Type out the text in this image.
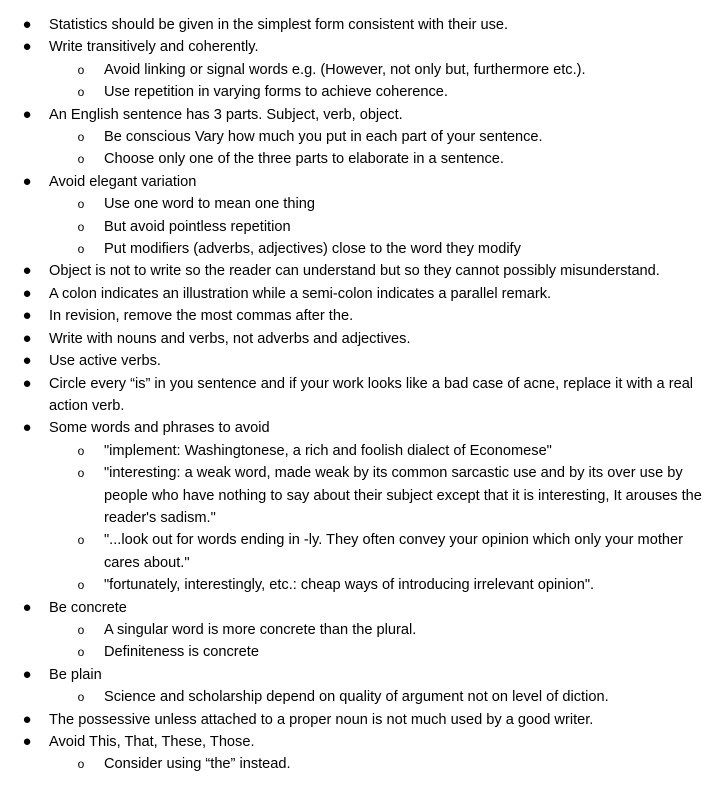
● Statistics should be given in the simplest form consistent with their use.
● Write transitively and coherently.
o Avoid linking or signal words e.g. (However, not only but, furthermore etc.).
o Use repetition in varying forms to achieve coherence.
● An English sentence has 3 parts. Subject, verb, object.
o Be conscious Vary how much you put in each part of your sentence.
o Choose only one of the three parts to elaborate in a sentence.
● Avoid elegant variation
o Use one word to mean one thing
o But avoid pointless repetition
o Put modifiers (adverbs, adjectives) close to the word they modify
● Object is not to write so the reader can understand but so they cannot possibly misunderstand.
● A colon indicates an illustration while a semi-colon indicates a parallel remark.
● In revision, remove the most commas after the.
● Write with nouns and verbs, not adverbs and adjectives.
● Use active verbs.
● Circle every “is” in you sentence and if your work looks like a bad case of acne, replace it with a real action verb.
● Some words and phrases to avoid
o "implement: Washingtonese, a rich and foolish dialect of Economese"
o "interesting: a weak word, made weak by its common sarcastic use and by its over use by people who have nothing to say about their subject except that it is interesting, It arouses the reader's sadism."
o "...look out for words ending in -ly. They often convey your opinion which only your mother cares about."
o "fortunately, interestingly, etc.: cheap ways of introducing irrelevant opinion".
● Be concrete
o A singular word is more concrete than the plural.
o Definiteness is concrete
● Be plain
o Science and scholarship depend on quality of argument not on level of diction.
● The possessive unless attached to a proper noun is not much used by a good writer.
● Avoid This, That, These, Those.
o Consider using “the” instead.
